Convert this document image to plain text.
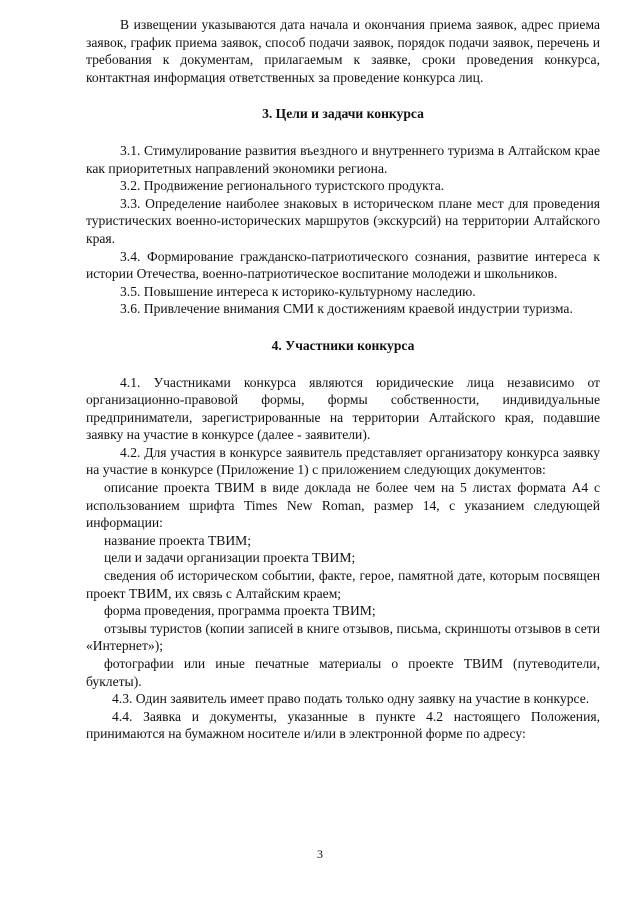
В извещении указываются дата начала и окончания приема заявок, адрес приема заявок, график приема заявок, способ подачи заявок, порядок подачи заявок, перечень и требования к документам, прилагаемым к заявке, сроки проведения конкурса, контактная информация ответственных за проведение конкурса лиц.

3. Цели и задачи конкурса

3.1. Стимулирование развития въездного и внутреннего туризма в Алтайском крае как приоритетных направлений экономики региона.

3.2. Продвижение регионального туристского продукта.

3.3. Определение наиболее знаковых в историческом плане мест для проведения туристических военно-исторических маршрутов (экскурсий) на территории Алтайского края.

3.4. Формирование гражданско-патриотического сознания, развитие интереса к истории Отечества, военно-патриотическое воспитание молодежи и школьников.

3.5. Повышение интереса к историко-культурному наследию.

3.6. Привлечение внимания СМИ к достижениям краевой индустрии туризма.

4. Участники конкурса

4.1. Участниками конкурса являются юридические лица независимо от организационно-правовой формы, формы собственности, индивидуальные предприниматели, зарегистрированные на территории Алтайского края, подавшие заявку на участие в конкурсе (далее - заявители).

4.2. Для участия в конкурсе заявитель представляет организатору конкурса заявку на участие в конкурсе (Приложение 1) с приложением следующих документов:

описание проекта ТВИМ в виде доклада не более чем на 5 листах формата А4 с использованием шрифта Times New Roman, размер 14, с указанием следующей информации:

название проекта ТВИМ;

цели и задачи организации проекта ТВИМ;

сведения об историческом событии, факте, герое, памятной дате, которым посвящен проект ТВИМ, их связь с Алтайским краем;

форма проведения, программа проекта ТВИМ;

отзывы туристов (копии записей в книге отзывов, письма, скриншоты отзывов в сети «Интернет»);

фотографии или иные печатные материалы о проекте ТВИМ (путеводители, буклеты).

4.3. Один заявитель имеет право подать только одну заявку на участие в конкурсе.

4.4. Заявка и документы, указанные в пункте 4.2 настоящего Положения, принимаются на бумажном носителе и/или в электронной форме по адресу:

3
